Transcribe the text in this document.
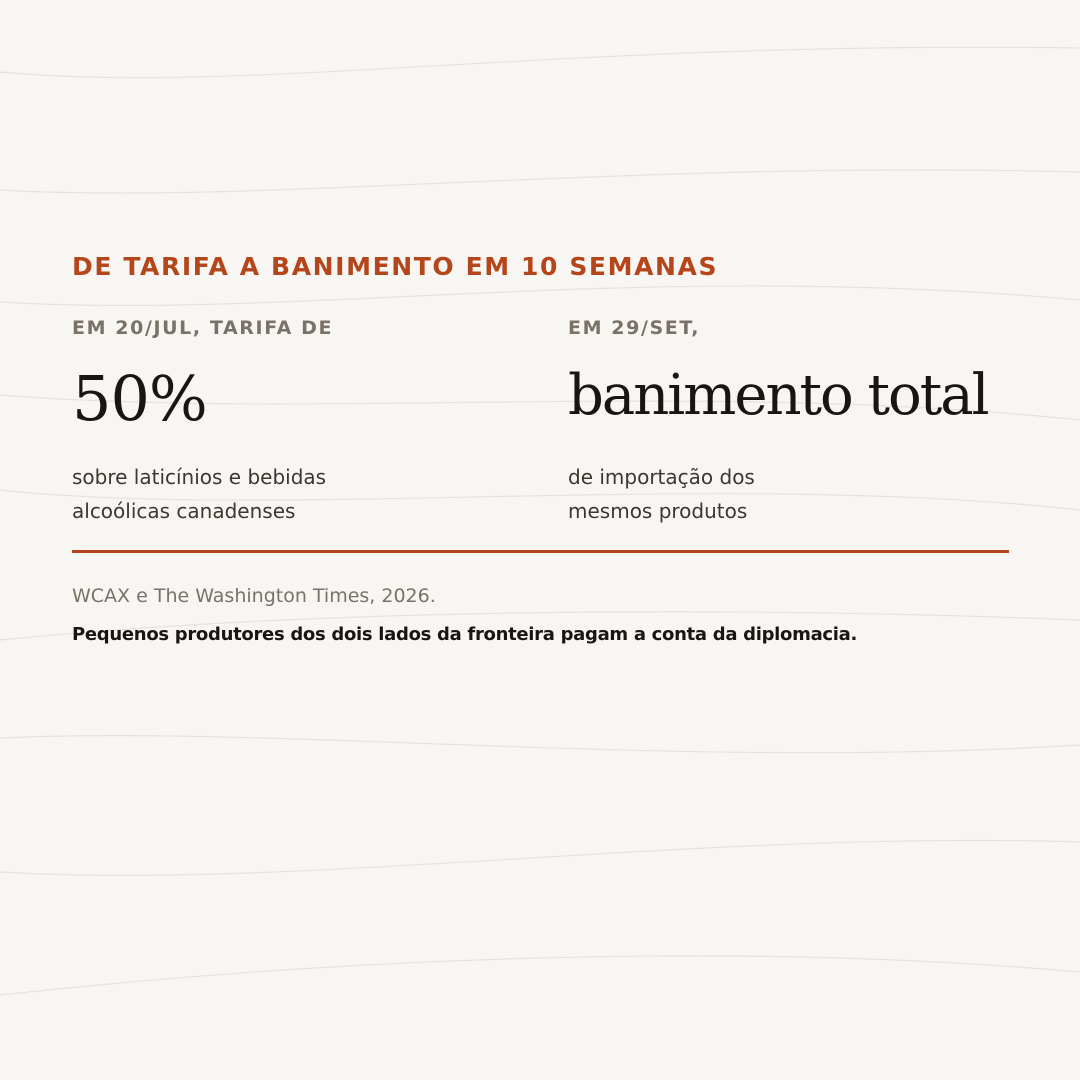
DE TARIFA A BANIMENTO EM 10 SEMANAS
EM 20/JUL, TARIFA DE
50%
sobre laticínios e bebidas
alcoólicas canadenses
EM 29/SET,
banimento total
de importação dos
mesmos produtos
WCAX e The Washington Times, 2026.
Pequenos produtores dos dois lados da fronteira pagam a conta da diplomacia.
